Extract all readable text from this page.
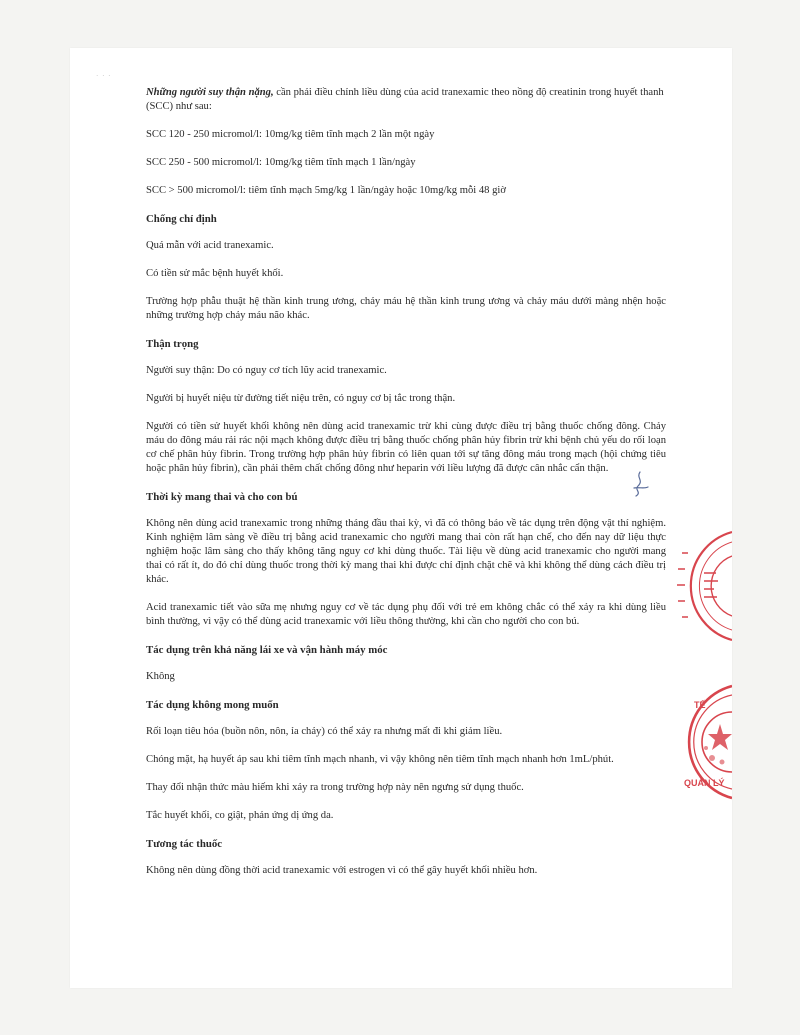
· · ·

Những người suy thận nặng, cần phải điều chỉnh liều dùng của acid tranexamic theo nồng độ creatinin trong huyết thanh (SCC) như sau:

SCC 120 - 250 micromol/l: 10mg/kg tiêm tĩnh mạch 2 lần một ngày

SCC 250 - 500 micromol/l: 10mg/kg tiêm tĩnh mạch 1 lần/ngày

SCC > 500 micromol/l: tiêm tĩnh mạch 5mg/kg 1 lần/ngày hoặc 10mg/kg mỗi 48 giờ

Chống chỉ định

Quá mẫn với acid tranexamic.

Có tiền sử mắc bệnh huyết khối.

Trường hợp phẫu thuật hệ thần kinh trung ương, chảy máu hệ thần kinh trung ương và chảy máu dưới màng nhện hoặc những trường hợp chảy máu não khác.

Thận trọng

Người suy thận: Do có nguy cơ tích lũy acid tranexamic.

Người bị huyết niệu từ đường tiết niệu trên, có nguy cơ bị tắc trong thận.

Người có tiền sử huyết khối không nên dùng acid tranexamic trừ khi cùng được điều trị bằng thuốc chống đông. Chảy máu do đông máu rải rác nội mạch không được điều trị bằng thuốc chống phân hủy fibrin trừ khi bệnh chủ yếu do rối loạn cơ chế phân hủy fibrin. Trong trường hợp phân hủy fibrin có liên quan tới sự tăng đông máu trong mạch (hội chứng tiêu hoặc phân hủy fibrin), cần phải thêm chất chống đông như heparin với liều lượng đã được cân nhắc cẩn thận.

Thời kỳ mang thai và cho con bú

Không nên dùng acid tranexamic trong những tháng đầu thai kỳ, vì đã có thông báo về tác dụng trên động vật thí nghiệm. Kinh nghiệm lâm sàng về điều trị bằng acid tranexamic cho người mang thai còn rất hạn chế, cho đến nay dữ liệu thực nghiệm hoặc lâm sàng cho thấy không tăng nguy cơ khi dùng thuốc. Tài liệu về dùng acid tranexamic cho người mang thai có rất ít, do đó chỉ dùng thuốc trong thời kỳ mang thai khi được chỉ định chặt chẽ và khi không thể dùng cách điều trị khác.

Acid tranexamic tiết vào sữa mẹ nhưng nguy cơ về tác dụng phụ đối với trẻ em không chắc có thể xảy ra khi dùng liều bình thường, vì vậy có thể dùng acid tranexamic với liều thông thường, khi cần cho người cho con bú.

Tác dụng trên khả năng lái xe và vận hành máy móc

Không

Tác dụng không mong muốn

Rối loạn tiêu hóa (buồn nôn, nôn, ỉa chảy) có thể xảy ra nhưng mất đi khi giảm liều.

Chóng mặt, hạ huyết áp sau khi tiêm tĩnh mạch nhanh, vì vậy không nên tiêm tĩnh mạch nhanh hơn 1mL/phút.

Thay đổi nhận thức màu hiếm khi xảy ra trong trường hợp này nên ngưng sử dụng thuốc.

Tắc huyết khối, co giật, phản ứng dị ứng da.

Tương tác thuốc

Không nên dùng đồng thời acid tranexamic với estrogen vì có thể gây huyết khối nhiều hơn.

TẾ
QUẢN LÝ
